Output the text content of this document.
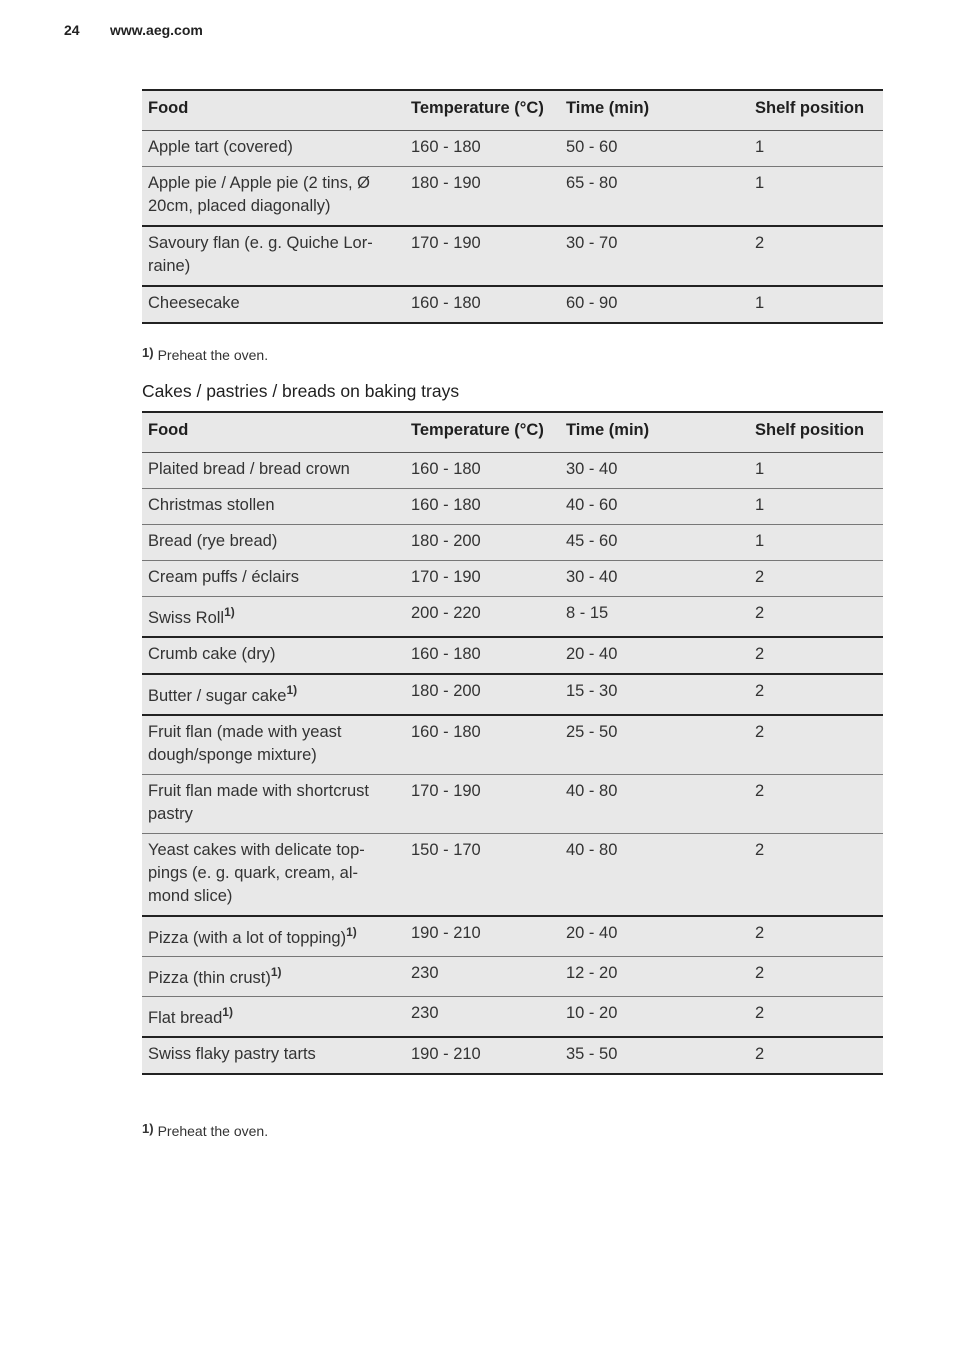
24 www.aeg.com
Food	Temperature (°C)	Time (min)	Shelf position
Apple tart (covered)	160 - 180	50 - 60	1
Apple pie / Apple pie (2 tins, Ø 20cm, placed diagonally)	180 - 190	65 - 80	1
Savoury flan (e. g. Quiche Lor-raine)	170 - 190	30 - 70	2
Cheesecake	160 - 180	60 - 90	1
1) Preheat the oven.
Cakes / pastries / breads on baking trays
Food	Temperature (°C)	Time (min)	Shelf position
Plaited bread / bread crown	160 - 180	30 - 40	1
Christmas stollen	160 - 180	40 - 60	1
Bread (rye bread)	180 - 200	45 - 60	1
Cream puffs / éclairs	170 - 190	30 - 40	2
Swiss Roll$^{1)}$	200 - 220	8 - 15	2
Crumb cake (dry)	160 - 180	20 - 40	2
Butter / sugar cake$^{1)}$	180 - 200	15 - 30	2
Fruit flan (made with yeast dough/sponge mixture)	160 - 180	25 - 50	2
Fruit flan made with shortcrust pastry	170 - 190	40 - 80	2
Yeast cakes with delicate top-pings (e. g. quark, cream, al-mond slice)	150 - 170	40 - 80	2
Pizza (with a lot of topping)$^{1)}$	190 - 210	20 - 40	2
Pizza (thin crust)$^{1)}$	230	12 - 20	2
Flat bread$^{1)}$	230	10 - 20	2
Swiss flaky pastry tarts	190 - 210	35 - 50	2
1) Preheat the oven.
